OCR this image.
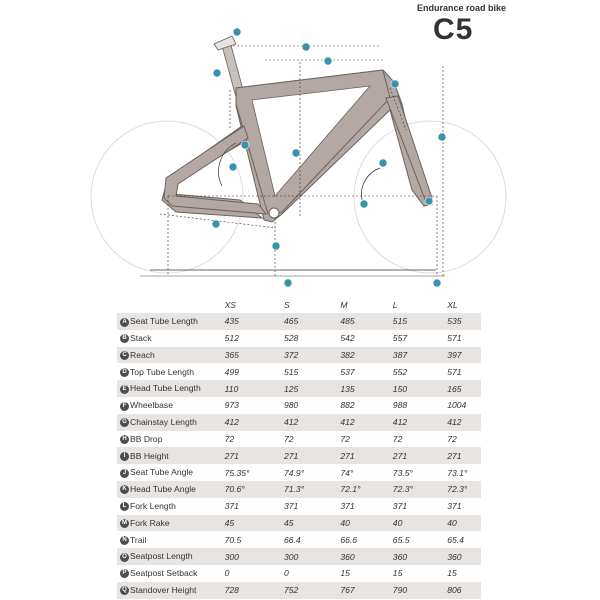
Endurance road bike
C5
	XS	S	M	L	XL
A Seat Tube Length	435	465	485	515	535
B Stack	512	528	542	557	571
C Reach	365	372	382	387	397
D Top Tube Length	499	515	537	552	571
E Head Tube Length	110	125	135	150	165
F Wheelbase	973	980	882	988	1004
G Chainstay Length	412	412	412	412	412
H BB Drop	72	72	72	72	72
I BB Height	271	271	271	271	271
J Seat Tube Angle	75.35°	74.9°	74°	73.5°	73.1°
K Head Tube Angle	70.6°	71.3°	72.1°	72.3°	72.3°
L Fork Length	371	371	371	371	371
M Fork Rake	45	45	40	40	40
N Trail	70.5	66.4	66.6	65.5	65.4
O Seatpost Length	300	300	360	360	360
P Seatpost Setback	0	0	15	15	15
Q Standover Height	728	752	767	790	806
